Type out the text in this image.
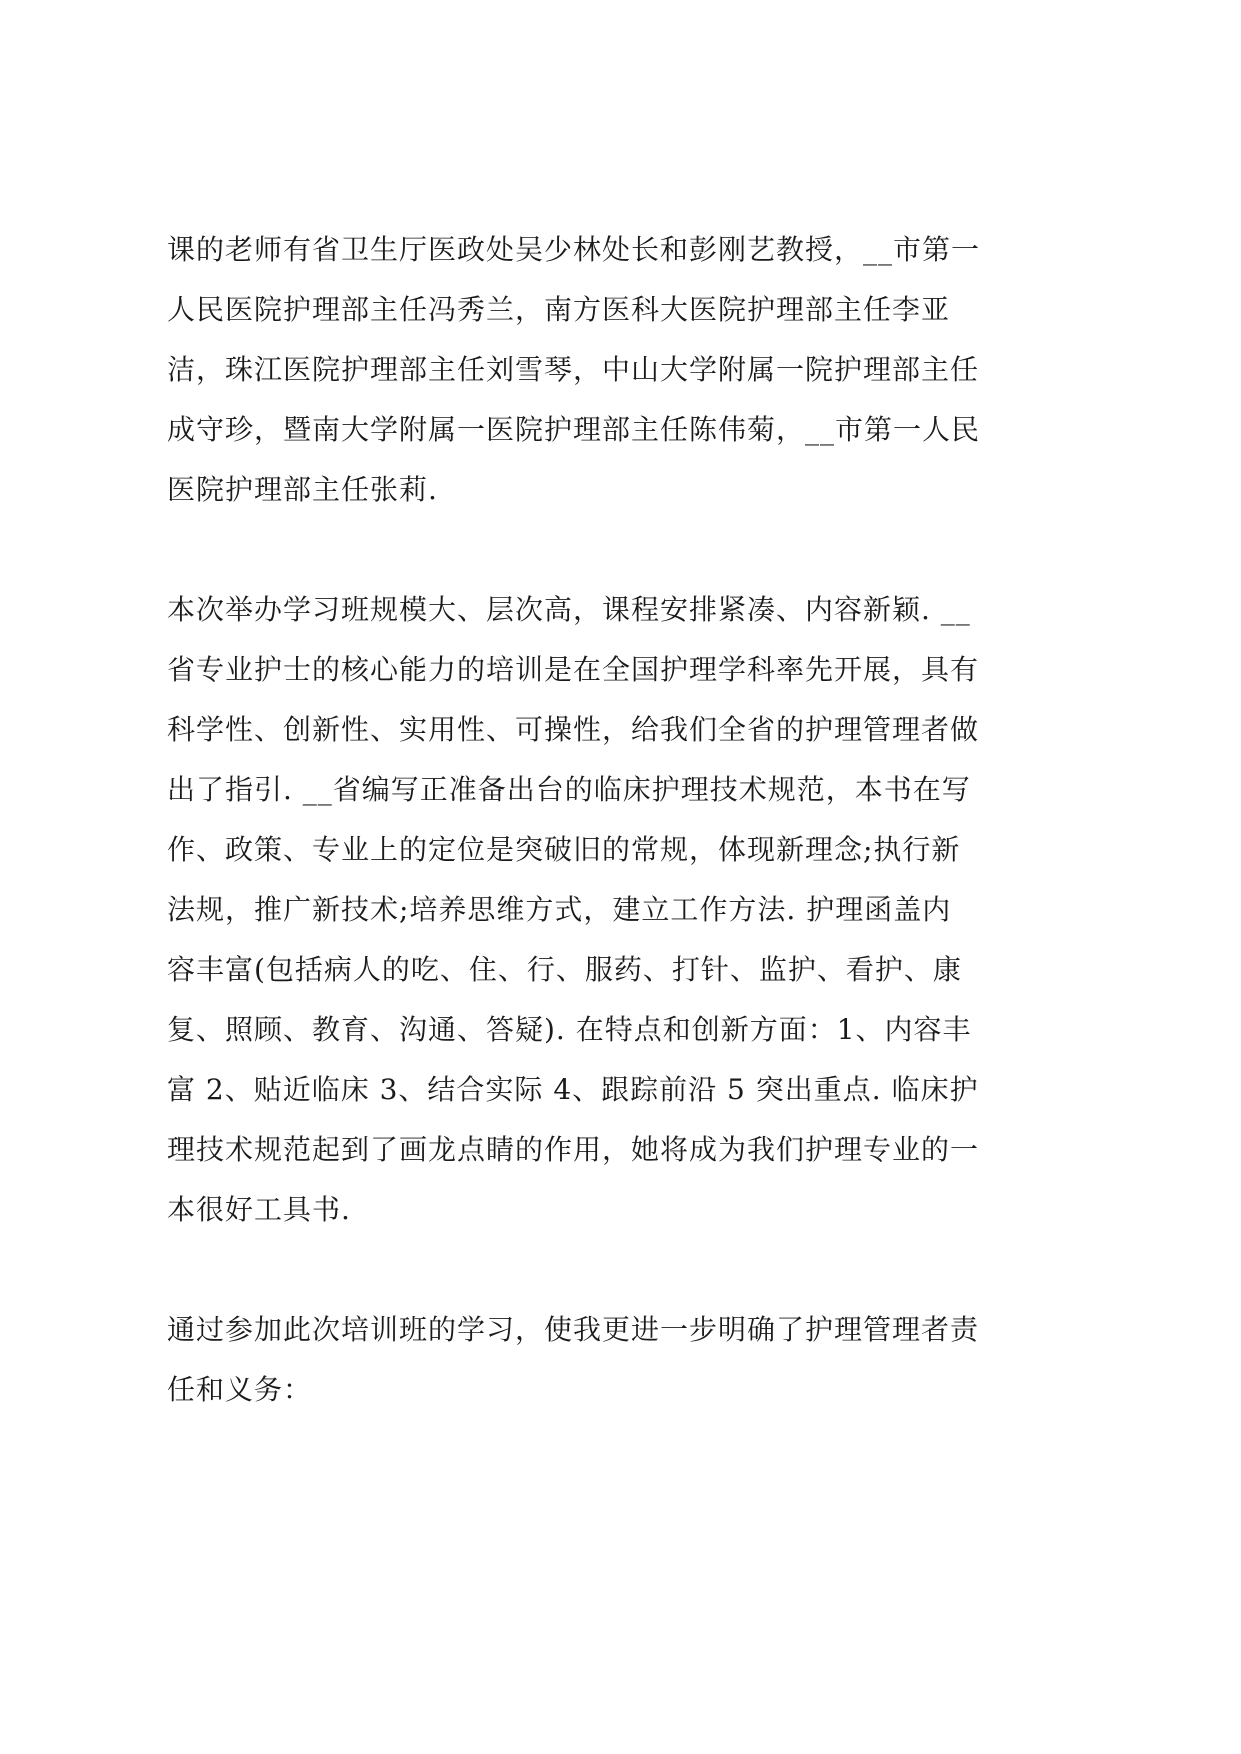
课的老师有省卫生厅医政处吴少林处长和彭刚艺教授，__市第一
人民医院护理部主任冯秀兰，南方医科大医院护理部主任李亚
洁，珠江医院护理部主任刘雪琴，中山大学附属一院护理部主任
成守珍，暨南大学附属一医院护理部主任陈伟菊，__市第一人民
医院护理部主任张莉.

本次举办学习班规模大、层次高，课程安排紧凑、内容新颖. __
省专业护士的核心能力的培训是在全国护理学科率先开展，具有
科学性、创新性、实用性、可操性，给我们全省的护理管理者做
出了指引. __省编写正准备出台的临床护理技术规范，本书在写
作、政策、专业上的定位是突破旧的常规，体现新理念;执行新
法规，推广新技术;培养思维方式，建立工作方法. 护理函盖内
容丰富(包括病人的吃、住、行、服药、打针、监护、看护、康
复、照顾、教育、沟通、答疑). 在特点和创新方面：1、内容丰
富 2、贴近临床 3、结合实际 4、跟踪前沿 5 突出重点. 临床护
理技术规范起到了画龙点睛的作用，她将成为我们护理专业的一
本很好工具书.

通过参加此次培训班的学习，使我更进一步明确了护理管理者责
任和义务：
